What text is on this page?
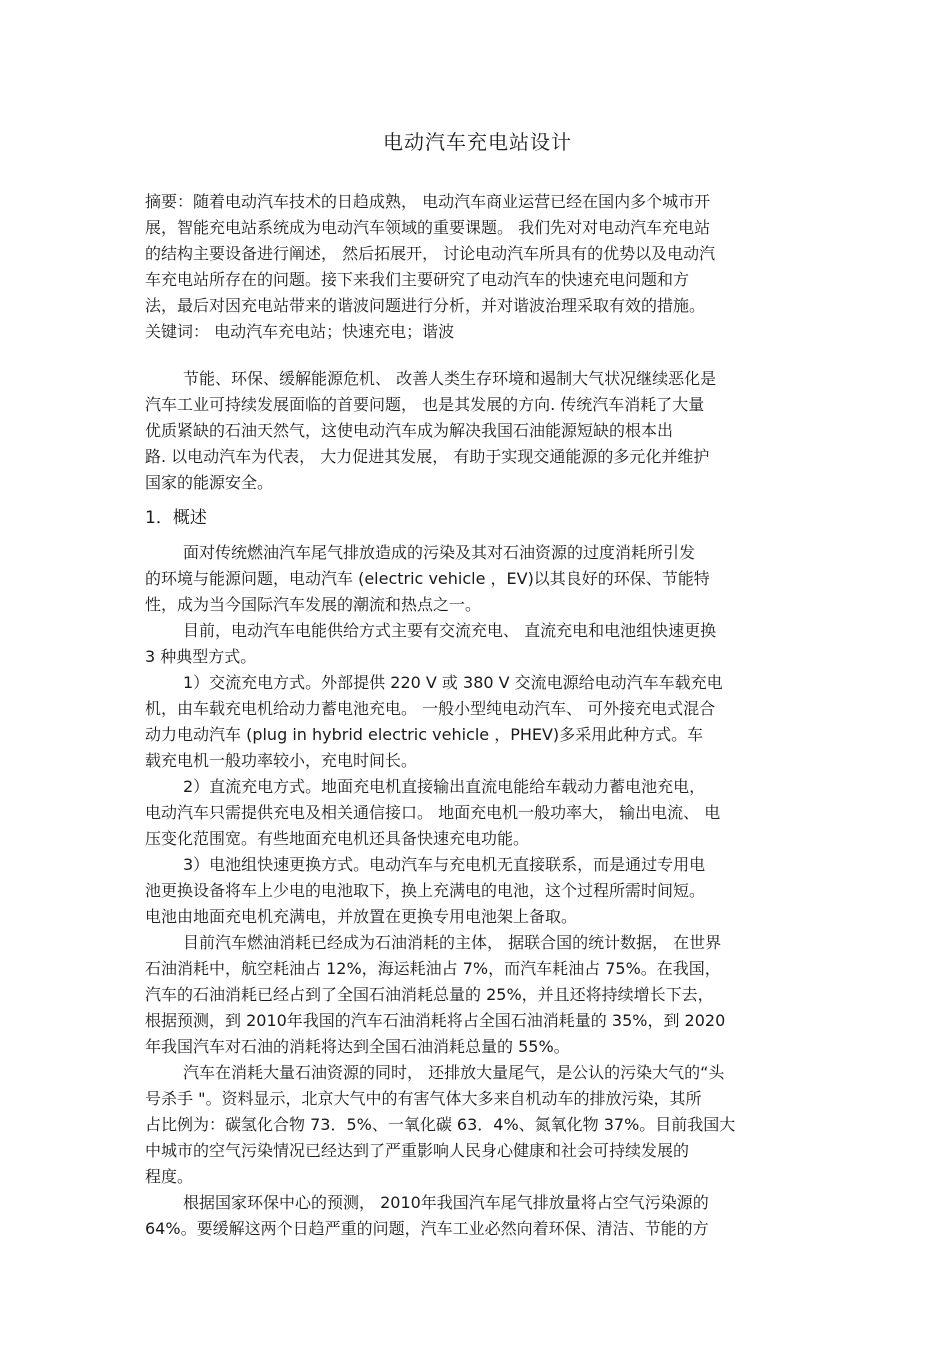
电动汽车充电站设计
摘要：随着电动汽车技术的日趋成熟， 电动汽车商业运营已经在国内多个城市开
展，智能充电站系统成为电动汽车领域的重要课题。 我们先对对电动汽车充电站
的结构主要设备进行阐述， 然后拓展开， 讨论电动汽车所具有的优势以及电动汽
车充电站所存在的问题。接下来我们主要研究了电动汽车的快速充电问题和方
法，最后对因充电站带来的谐波问题进行分析，并对谐波治理采取有效的措施。
关键词： 电动汽车充电站；快速充电；谐波
节能、环保、缓解能源危机、 改善人类生存环境和遏制大气状况继续恶化是
汽车工业可持续发展面临的首要问题， 也是其发展的方向. 传统汽车消耗了大量
优质紧缺的石油天然气，这使电动汽车成为解决我国石油能源短缺的根本出
路. 以电动汽车为代表， 大力促进其发展， 有助于实现交通能源的多元化并维护
国家的能源安全。
1．概述
面对传统燃油汽车尾气排放造成的污染及其对石油资源的过度消耗所引发
的环境与能源问题，电动汽车 (electric vehicle ，EV)以其良好的环保、节能特
性，成为当今国际汽车发展的潮流和热点之一。
目前，电动汽车电能供给方式主要有交流充电、 直流充电和电池组快速更换
3 种典型方式。
1）交流充电方式。外部提供 220 V 或 380 V 交流电源给电动汽车车载充电
机，由车载充电机给动力蓄电池充电。 一般小型纯电动汽车、 可外接充电式混合
动力电动汽车 (plug in hybrid electric vehicle ，PHEV)多采用此种方式。车
载充电机一般功率较小，充电时间长。
2）直流充电方式。地面充电机直接输出直流电能给车载动力蓄电池充电，
电动汽车只需提供充电及相关通信接口。 地面充电机一般功率大， 输出电流、 电
压变化范围宽。有些地面充电机还具备快速充电功能。
3）电池组快速更换方式。电动汽车与充电机无直接联系，而是通过专用电
池更换设备将车上少电的电池取下，换上充满电的电池，这个过程所需时间短。
电池由地面充电机充满电，并放置在更换专用电池架上备取。
目前汽车燃油消耗已经成为石油消耗的主体， 据联合国的统计数据， 在世界
石油消耗中，航空耗油占 12%，海运耗油占 7%，而汽车耗油占 75%。在我国，
汽车的石油消耗已经占到了全国石油消耗总量的 25%，并且还将持续增长下去，
根据预测，到 2010年我国的汽车石油消耗将占全国石油消耗量的 35%，到 2020
年我国汽车对石油的消耗将达到全国石油消耗总量的 55%。
汽车在消耗大量石油资源的同时， 还排放大量尾气，是公认的污染大气的“头
号杀手 "。资料显示，北京大气中的有害气体大多来自机动车的排放污染，其所
占比例为：碳氢化合物 73．5%、一氧化碳 63．4%、氮氧化物 37%。目前我国大
中城市的空气污染情况已经达到了严重影响人民身心健康和社会可持续发展的
程度。
根据国家环保中心的预测， 2010年我国汽车尾气排放量将占空气污染源的
64%。要缓解这两个日趋严重的问题，汽车工业必然向着环保、清洁、节能的方
